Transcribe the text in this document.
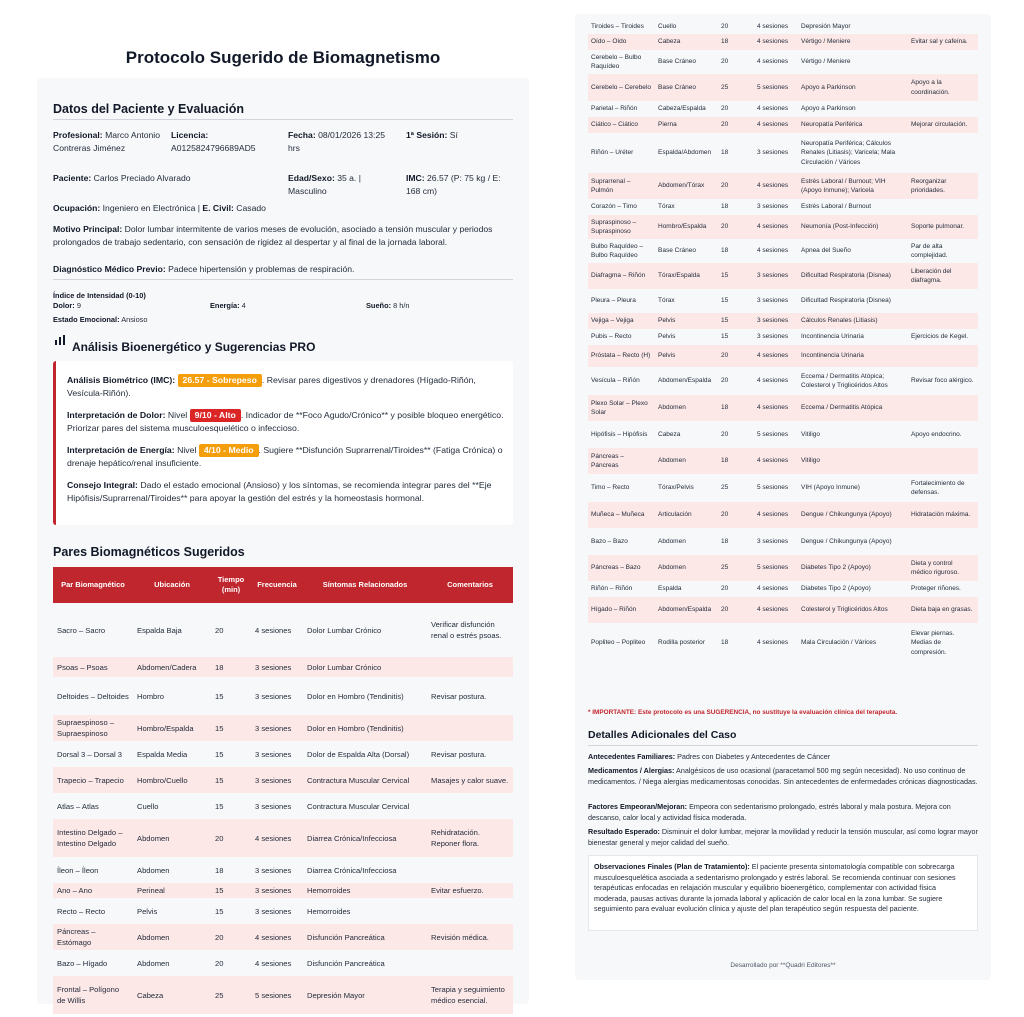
Protocolo Sugerido de Biomagnetismo
Datos del Paciente y Evaluación
Profesional: Marco Antonio Contreras Jiménez
Licencia:
A0125824796689AD5
Fecha: 08/01/2026 13:25 hrs
1ª Sesión: Sí
Paciente: Carlos Preciado Alvarado	Edad/Sexo: 35 a. | Masculino
IMC: 26.57 (P: 75 kg / E: 168 cm)
Ocupación: Ingeniero en Electrónica | E. Civil: Casado
Motivo Principal: Dolor lumbar intermitente de varios meses de evolución, asociado a tensión muscular y periodos prolongados de trabajo sedentario, con sensación de rigidez al despertar y al final de la jornada laboral.
Diagnóstico Médico Previo: Padece hipertensión y problemas de respiración.
Índice de Intensidad (0-10)
Dolor: 9	Energía: 4	Sueño: 8 h/n
Estado Emocional: Ansioso
Análisis Bioenergético y Sugerencias PRO
Análisis Biométrico (IMC): 26.57 - Sobrepeso . Revisar pares digestivos y drenadores (Hígado-Riñón, Vesícula-Riñón).
Interpretación de Dolor: Nivel 9/10 - Alto . Indicador de **Foco Agudo/Crónico** y posible bloqueo energético. Priorizar pares del sistema musculoesquelético o infeccioso.
Interpretación de Energía: Nivel 4/10 - Medio . Sugiere **Disfunción Suprarrenal/Tiroides** (Fatiga Crónica) o drenaje hepático/renal insuficiente.
Consejo Integral: Dado el estado emocional (Ansioso) y los síntomas, se recomienda integrar pares del **Eje Hipófisis/Suprarrenal/Tiroides** para apoyar la gestión del estrés y la homeostasis hormonal.
Pares Biomagnéticos Sugeridos
Par Biomagnético	Ubicación	Tiempo (min)	Frecuencia	Síntomas Relacionados	Comentarios
Sacro – Sacro	Espalda Baja	20	4 sesiones	Dolor Lumbar Crónico	Verificar disfunción renal o estrés psoas.
Psoas – Psoas	Abdomen/Cadera	18	3 sesiones	Dolor Lumbar Crónico	
Deltoides – Deltoides	Hombro	15	3 sesiones	Dolor en Hombro (Tendinitis)	Revisar postura.
Supraespinoso – Supraespinoso	Hombro/Espalda	15	3 sesiones	Dolor en Hombro (Tendinitis)	
Dorsal 3 – Dorsal 3	Espalda Media	15	3 sesiones	Dolor de Espalda Alta (Dorsal)	Revisar postura.
Trapecio – Trapecio	Hombro/Cuello	15	3 sesiones	Contractura Muscular Cervical	Masajes y calor suave.
Atlas – Atlas	Cuello	15	3 sesiones	Contractura Muscular Cervical	
Intestino Delgado – Intestino Delgado	Abdomen	20	4 sesiones	Diarrea Crónica/Infecciosa	Rehidratación. Reponer flora.
Íleon – Íleon	Abdomen	18	3 sesiones	Diarrea Crónica/Infecciosa	
Ano – Ano	Perineal	15	3 sesiones	Hemorroides	Evitar esfuerzo.
Recto – Recto	Pelvis	15	3 sesiones	Hemorroides	
Páncreas – Estómago	Abdomen	20	4 sesiones	Disfunción Pancreática	Revisión médica.
Bazo – Hígado	Abdomen	20	4 sesiones	Disfunción Pancreática	
Frontal – Polígono de Willis	Cabeza	25	5 sesiones	Depresión Mayor	Terapia y seguimiento médico esencial.
Tiroides – Tiroides	Cuello	20	4 sesiones	Depresión Mayor	
Oído – Oído	Cabeza	18	4 sesiones	Vértigo / Meniere	Evitar sal y cafeína.
Cerebelo – Bulbo Raquídeo	Base Cráneo	20	4 sesiones	Vértigo / Meniere	
Cerebelo – Cerebelo	Base Cráneo	25	5 sesiones	Apoyo a Parkinson	Apoyo a la coordinación.
Parietal – Riñón	Cabeza/Espalda	20	4 sesiones	Apoyo a Parkinson	
Ciático – Ciático	Pierna	20	4 sesiones	Neuropatía Periférica	Mejorar circulación.
Riñón – Uréter	Espalda/Abdomen	18	3 sesiones	Neuropatía Periférica; Cálculos Renales (Litiasis); Varicela; Mala Circulación / Várices	
Suprarrenal – Pulmón	Abdomen/Tórax	20	4 sesiones	Estrés Laboral / Burnout; VIH (Apoyo Inmune); Varicela	Reorganizar prioridades.
Corazón – Timo	Tórax	18	3 sesiones	Estrés Laboral / Burnout	
Supraspinoso – Supraspinoso	Hombro/Espalda	20	4 sesiones	Neumonía (Post-Infección)	Soporte pulmonar.
Bulbo Raquídeo – Bulbo Raquídeo	Base Cráneo	18	4 sesiones	Apnea del Sueño	Par de alta complejidad.
Diafragma – Riñón	Tórax/Espalda	15	3 sesiones	Dificultad Respiratoria (Disnea)	Liberación del diafragma.
Pleura – Pleura	Tórax	15	3 sesiones	Dificultad Respiratoria (Disnea)	
Vejiga – Vejiga	Pelvis	15	3 sesiones	Cálculos Renales (Litiasis)	
Pubis – Recto	Pelvis	15	3 sesiones	Incontinencia Urinaria	Ejercicios de Kegel.
Próstata – Recto (H)	Pelvis	20	4 sesiones	Incontinencia Urinaria	
Vesícula – Riñón	Abdomen/Espalda	20	4 sesiones	Eccema / Dermatitis Atópica; Colesterol y Triglicéridos Altos	Revisar foco alérgico.
Plexo Solar – Plexo Solar	Abdomen	18	4 sesiones	Eccema / Dermatitis Atópica	
Hipófisis – Hipófisis	Cabeza	20	5 sesiones	Vitiligo	Apoyo endocrino.
Páncreas – Páncreas	Abdomen	18	4 sesiones	Vitiligo	
Timo – Recto	Tórax/Pelvis	25	5 sesiones	VIH (Apoyo Inmune)	Fortalecimiento de defensas.
Muñeca – Muñeca	Articulación	20	4 sesiones	Dengue / Chikungunya (Apoyo)	Hidratación máxima.
Bazo – Bazo	Abdomen	18	3 sesiones	Dengue / Chikungunya (Apoyo)	
Páncreas – Bazo	Abdomen	25	5 sesiones	Diabetes Tipo 2 (Apoyo)	Dieta y control médico riguroso.
Riñón – Riñón	Espalda	20	4 sesiones	Diabetes Tipo 2 (Apoyo)	Proteger riñones.
Hígado – Riñón	Abdomen/Espalda	20	4 sesiones	Colesterol y Triglicéridos Altos	Dieta baja en grasas.
Popliteo – Popliteo	Rodilla posterior	18	4 sesiones	Mala Circulación / Várices	Elevar piernas. Medias de compresión.
* IMPORTANTE: Este protocolo es una SUGERENCIA, no sustituye la evaluación clínica del terapeuta.
Detalles Adicionales del Caso
Antecedentes Familiares: Padres con Diabetes y Antecedentes de Cáncer
Medicamentos / Alergias: Analgésicos de uso ocasional (paracetamol 500 mg según necesidad). No uso continuo de medicamentos. / Niega alergias medicamentosas conocidas. Sin antecedentes de enfermedades crónicas diagnosticadas.
Factores Empeoran/Mejoran: Empeora con sedentarismo prolongado, estrés laboral y mala postura. Mejora con descanso, calor local y actividad física moderada.
Resultado Esperado: Disminuir el dolor lumbar, mejorar la movilidad y reducir la tensión muscular, así como lograr mayor bienestar general y mejor calidad del sueño.
Observaciones Finales (Plan de Tratamiento): El paciente presenta sintomatología compatible con sobrecarga musculoesquelética asociada a sedentarismo prolongado y estrés laboral. Se recomienda continuar con sesiones terapéuticas enfocadas en relajación muscular y equilibrio bioenergético, complementar con actividad física moderada, pausas activas durante la jornada laboral y aplicación de calor local en la zona lumbar. Se sugiere seguimiento para evaluar evolución clínica y ajuste del plan terapéutico según respuesta del paciente.
Desarrollado por **Quadri Editores**
